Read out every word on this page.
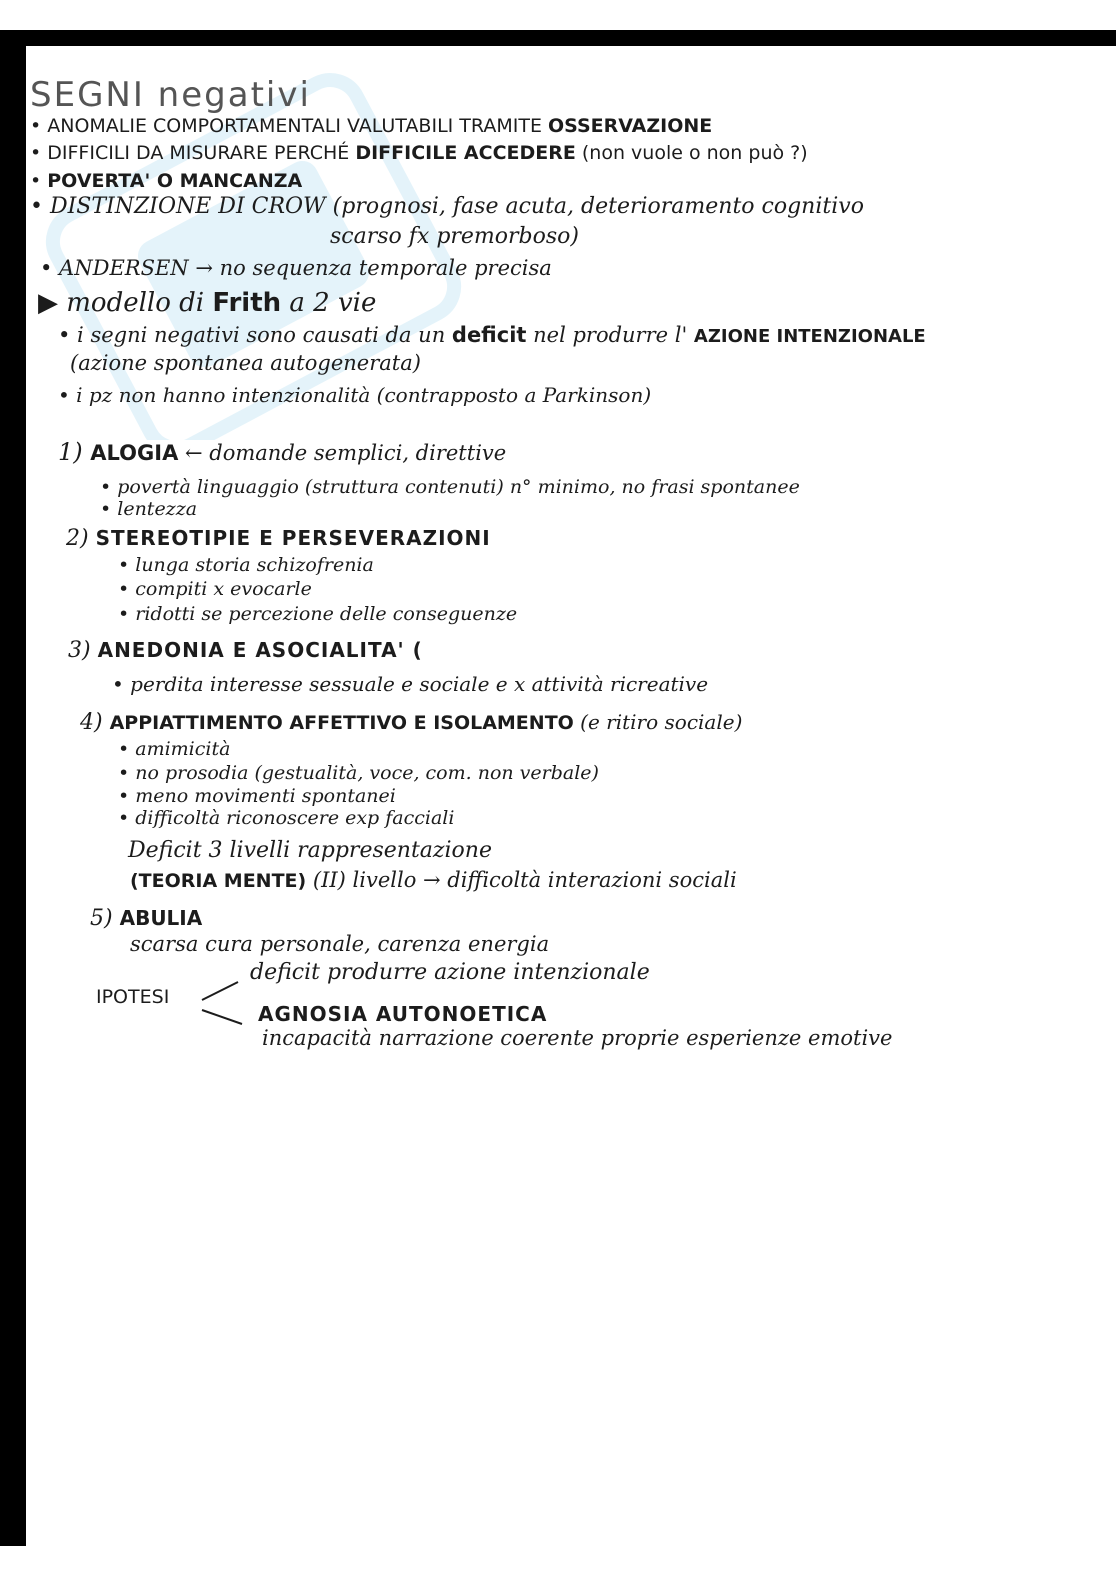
SEGNI negativi
• ANOMALIE COMPORTAMENTALI VALUTABILI TRAMITE OSSERVAZIONE
• DIFFICILI DA MISURARE PERCHÉ DIFFICILE ACCEDERE (non vuole o non può ?)
• POVERTA' O MANCANZA
• DISTINZIONE DI CROW (prognosi, fase acuta, deterioramento cognitivo
scarso fx premorboso)
• ANDERSEN → no sequenza temporale precisa
▶ modello di Frith a 2 vie
• i segni negativi sono causati da un deficit nel produrre l' AZIONE INTENZIONALE
(azione spontanea autogenerata)
• i pz non hanno intenzionalità (contrapposto a Parkinson)
1) ALOGIA ← domande semplici, direttive
• povertà linguaggio (struttura contenuti) n° minimo, no frasi spontanee
• lentezza
2) STEREOTIPIE E PERSEVERAZIONI
• lunga storia schizofrenia
• compiti x evocarle
• ridotti se percezione delle conseguenze
3) ANEDONIA E ASOCIALITA' (
• perdita interesse sessuale e sociale e x attività ricreative
4) APPIATTIMENTO AFFETTIVO E ISOLAMENTO (e ritiro sociale)
• amimicità
• no prosodia (gestualità, voce, com. non verbale)
• meno movimenti spontanei
• difficoltà riconoscere exp facciali
Deficit 3 livelli rappresentazione
(TEORIA MENTE) (II) livello → difficoltà interazioni sociali
5) ABULIA
scarsa cura personale, carenza energia
IPOTESI
deficit produrre azione intenzionale
AGNOSIA AUTONOETICA
incapacità narrazione coerente proprie esperienze emotive
